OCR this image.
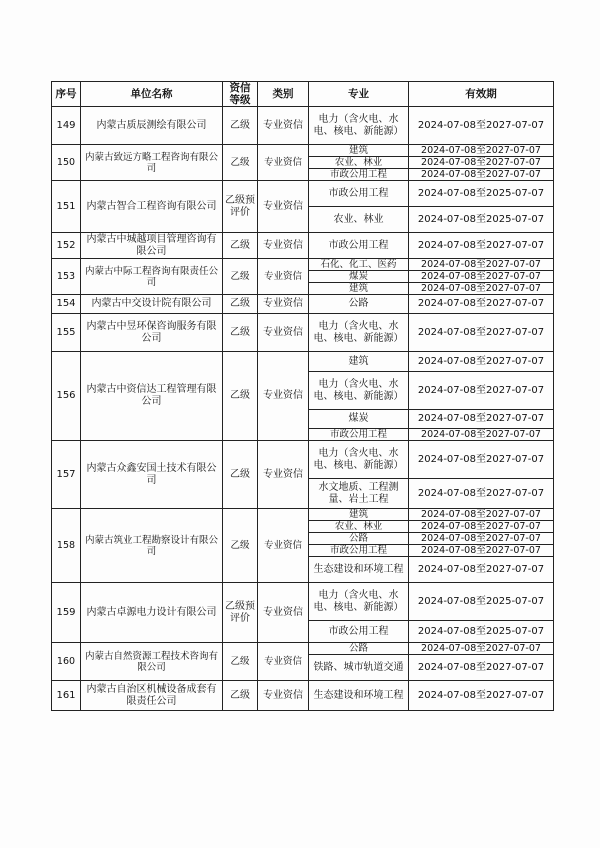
序号	单位名称	资信等级	类别	专业	有效期
149	内蒙古质辰测绘有限公司	乙级	专业资信	电力（含火电、水电、核电、新能源）	2024-07-08至2027-07-07
150	内蒙古致远方略工程咨询有限公司	乙级	专业资信	建筑	2024-07-08至2027-07-07
				农业、林业	2024-07-08至2027-07-07
				市政公用工程	2024-07-08至2027-07-07
151	内蒙古智合工程咨询有限公司	乙级预评价	专业资信	市政公用工程	2024-07-08至2025-07-07
				农业、林业	2024-07-08至2025-07-07
152	内蒙古中城越项目管理咨询有限公司	乙级	专业资信	市政公用工程	2024-07-08至2027-07-07
153	内蒙古中际工程咨询有限责任公司	乙级	专业资信	石化、化工、医药	2024-07-08至2027-07-07
				煤炭	2024-07-08至2027-07-07
				建筑	2024-07-08至2027-07-07
154	内蒙古中交设计院有限公司	乙级	专业资信	公路	2024-07-08至2027-07-07
155	内蒙古中昱环保咨询服务有限公司	乙级	专业资信	电力（含火电、水电、核电、新能源）	2024-07-08至2027-07-07
156	内蒙古中资信达工程管理有限公司	乙级	专业资信	建筑	2024-07-08至2027-07-07
				电力（含火电、水电、核电、新能源）	2024-07-08至2027-07-07
				煤炭	2024-07-08至2027-07-07
				市政公用工程	2024-07-08至2027-07-07
157	内蒙古众鑫安国土技术有限公司	乙级	专业资信	电力（含火电、水电、核电、新能源）	2024-07-08至2027-07-07
				水文地质、工程测量、岩土工程	2024-07-08至2027-07-07
158	内蒙古筑业工程勘察设计有限公司	乙级	专业资信	建筑	2024-07-08至2027-07-07
				农业、林业	2024-07-08至2027-07-07
				公路	2024-07-08至2027-07-07
				市政公用工程	2024-07-08至2027-07-07
				生态建设和环境工程	2024-07-08至2027-07-07
159	内蒙古卓源电力设计有限公司	乙级预评价	专业资信	电力（含火电、水电、核电、新能源）	2024-07-08至2025-07-07
				市政公用工程	2024-07-08至2025-07-07
160	内蒙古自然资源工程技术咨询有限公司	乙级	专业资信	公路	2024-07-08至2027-07-07
				铁路、城市轨道交通	2024-07-08至2027-07-07
161	内蒙古自治区机械设备成套有限责任公司	乙级	专业资信	生态建设和环境工程	2024-07-08至2027-07-07
